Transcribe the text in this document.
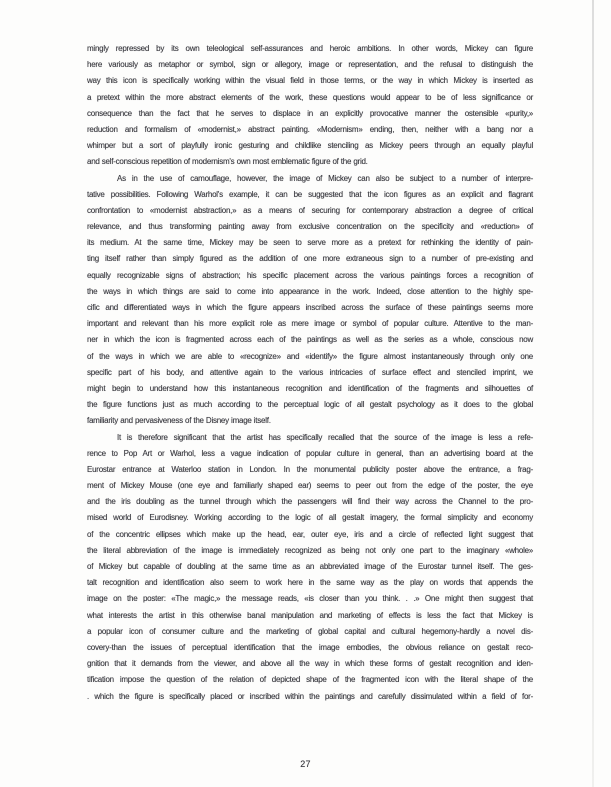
mingly repressed by its own teleological self-assurances and heroic ambitions. In other words, Mickey can figure
here variously as metaphor or symbol, sign or allegory, image or representation, and the refusal to distinguish the
way this icon is specifically working within the visual field in those terms, or the way in which Mickey is inserted as
a pretext within the more abstract elements of the work, these questions would appear to be of less significance or
consequence than the fact that he serves to displace in an explicitly provocative manner the ostensible «purity,»
reduction and formalism of «modernist,» abstract painting. «Modernism» ending, then, neither with a bang nor a
whimper but a sort of playfully ironic gesturing and childlike stenciling as Mickey peers through an equally playful
and self-conscious repetition of modernism's own most emblematic figure of the grid.
As in the use of camouflage, however, the image of Mickey can also be subject to a number of interpre-
tative possibilities. Following Warhol's example, it can be suggested that the icon figures as an explicit and flagrant
confrontation to «modernist abstraction,» as a means of securing for contemporary abstraction a degree of critical
relevance, and thus transforming painting away from exclusive concentration on the specificity and «reduction» of
its medium. At the same time, Mickey may be seen to serve more as a pretext for rethinking the identity of pain-
ting itself rather than simply figured as the addition of one more extraneous sign to a number of pre-existing and
equally recognizable signs of abstraction; his specific placement across the various paintings forces a recognition of
the ways in which things are said to come into appearance in the work. Indeed, close attention to the highly spe-
cific and differentiated ways in which the figure appears inscribed across the surface of these paintings seems more
important and relevant than his more explicit role as mere image or symbol of popular culture. Attentive to the man-
ner in which the icon is fragmented across each of the paintings as well as the series as a whole, conscious now
of the ways in which we are able to «recognize» and «identify» the figure almost instantaneously through only one
specific part of his body, and attentive again to the various intricacies of surface effect and stenciled imprint, we
might begin to understand how this instantaneous recognition and identification of the fragments and silhouettes of
the figure functions just as much according to the perceptual logic of all gestalt psychology as it does to the global
familiarity and pervasiveness of the Disney image itself.
It is therefore significant that the artist has specifically recalled that the source of the image is less a refe-
rence to Pop Art or Warhol, less a vague indication of popular culture in general, than an advertising board at the
Eurostar entrance at Waterloo station in London. In the monumental publicity poster above the entrance, a frag-
ment of Mickey Mouse (one eye and familiarly shaped ear) seems to peer out from the edge of the poster, the eye
and the iris doubling as the tunnel through which the passengers will find their way across the Channel to the pro-
mised world of Eurodisney. Working according to the logic of all gestalt imagery, the formal simplicity and economy
of the concentric ellipses which make up the head, ear, outer eye, iris and a circle of reflected light suggest that
the literal abbreviation of the image is immediately recognized as being not only one part to the imaginary «whole»
of Mickey but capable of doubling at the same time as an abbreviated image of the Eurostar tunnel itself. The ges-
talt recognition and identification also seem to work here in the same way as the play on words that appends the
image on the poster: «The magic,» the message reads, «is closer than you think. . .» One might then suggest that
what interests the artist in this otherwise banal manipulation and marketing of effects is less the fact that Mickey is
a popular icon of consumer culture and the marketing of global capital and cultural hegemony-hardly a novel dis-
covery-than the issues of perceptual identification that the image embodies, the obvious reliance on gestalt reco-
gnition that it demands from the viewer, and above all the way in which these forms of gestalt recognition and iden-
tification impose the question of the relation of depicted shape of the fragmented icon with the literal shape of the
. which the figure is specifically placed or inscribed within the paintings and carefully dissimulated within a field of for-
27
